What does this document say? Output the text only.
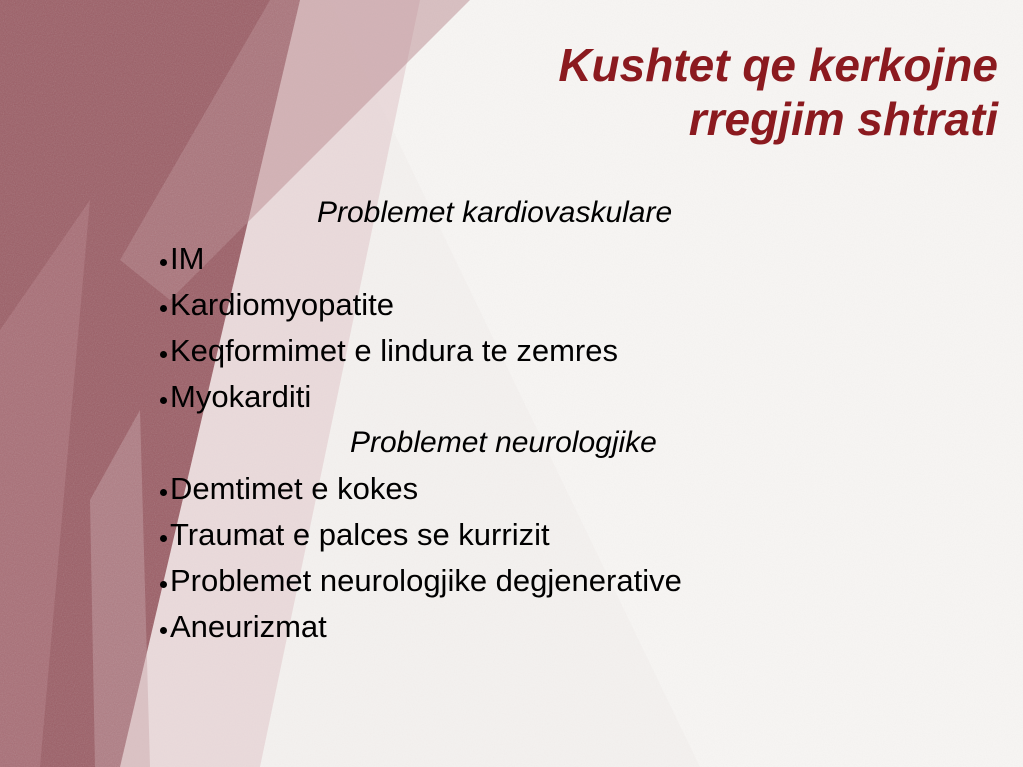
Kushtet qe kerkojne
rregjim shtrati
Problemet kardiovaskulare
IM
Kardiomyopatite
Keqformimet e lindura te zemres
Myokarditi
Problemet neurologjike
Demtimet e kokes
Traumat e palces se kurrizit
Problemet neurologjike degjenerative
Aneurizmat
